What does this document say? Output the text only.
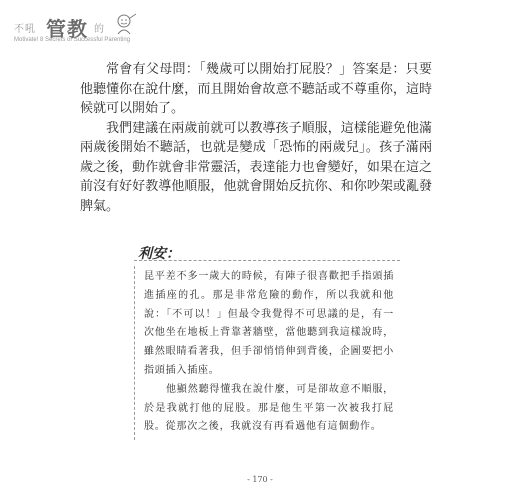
不吼 管教 的
Motivate! 8 Secrets of Successful Parenting

常會有父母問：「幾歲可以開始打屁股？」答案是：只要他聽懂你在說什麼，而且開始會故意不聽話或不尊重你，這時候就可以開始了。

我們建議在兩歲前就可以教導孩子順服，這樣能避免他滿兩歲後開始不聽話，也就是變成「恐怖的兩歲兒」。孩子滿兩歲之後，動作就會非常靈活，表達能力也會變好，如果在這之前沒有好好教導他順服，他就會開始反抗你、和你吵架或亂發脾氣。

利安：

昆平差不多一歲大的時候，有陣子很喜歡把手指頭插進插座的孔。那是非常危險的動作，所以我就和他說：「不可以！」但最令我覺得不可思議的是，有一次他坐在地板上背靠著牆壁，當他聽到我這樣說時，雖然眼睛看著我，但手卻悄悄伸到背後，企圖要把小指頭插入插座。

他顯然聽得懂我在說什麼，可是卻故意不順服，於是我就打他的屁股。那是他生平第一次被我打屁股。從那次之後，我就沒有再看過他有這個動作。

- 170 -
